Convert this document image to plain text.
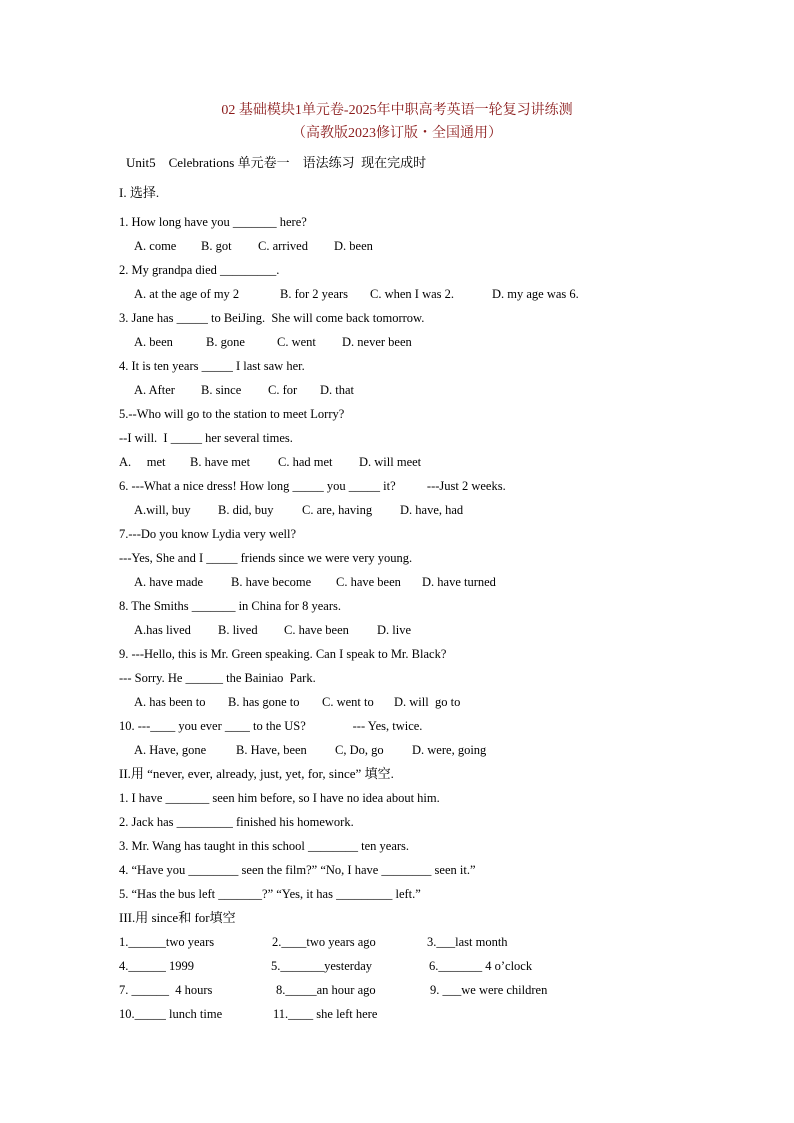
02 基础模块1单元卷-2025年中职高考英语一轮复习讲练测
（高教版2023修订版・全国通用）
Unit5    Celebrations 单元卷一    语法练习  现在完成时
I. 选择.
1. How long have you _______ here?
A. come B. got C. arrived D. been
2. My grandpa died _________.
A. at the age of my 2	B. for 2 years C. when I was 2.	D. my age was 6.
3. Jane has _____ to BeiJing.  She will come back tomorrow.
A. been	B. gone	C. went D. never been
4. It is ten years _____ I last saw her.
A. After B. since C. for D. that
5.--Who will go to the station to meet Lorry?
--I will.  I _____ her several times.
A.     met B. have met C. had met D. will meet
6. ---What a nice dress! How long _____ you _____ it?          ---Just 2 weeks.
A.will, buy B. did, buy C. are, having D. have, had
7.---Do you know Lydia very well?
---Yes, She and I _____ friends since we were very young.
A. have made B. have become C. have been D. have turned
8. The Smiths _______ in China for 8 years.
A.has lived B. lived C. have been D. live
9. ---Hello, this is Mr. Green speaking. Can I speak to Mr. Black?
--- Sorry. He ______ the Bainiao  Park.
A. has been to B. has gone to C. went to D. will  go to
10. ---____ you ever ____ to the US?               --- Yes, twice.
A. Have, gone B. Have, been C, Do, go D. were, going
II.用 “never, ever, already, just, yet, for, since” 填空.
1. I have _______ seen him before, so I have no idea about him.
2. Jack has _________ finished his homework.
3. Mr. Wang has taught in this school ________ ten years.
4. “Have you ________ seen the film?” “No, I have ________ seen it.”
5. “Has the bus left _______?” “Yes, it has _________ left.”
III.用 since和 for填空
1.______two years	2.____two years ago	3.___last month
4.______ 1999	5._______yesterday	6._______ 4 o’clock
7. ______  4 hours	8._____an hour ago	9. ___we were children
10._____ lunch time	11.____ she left here
